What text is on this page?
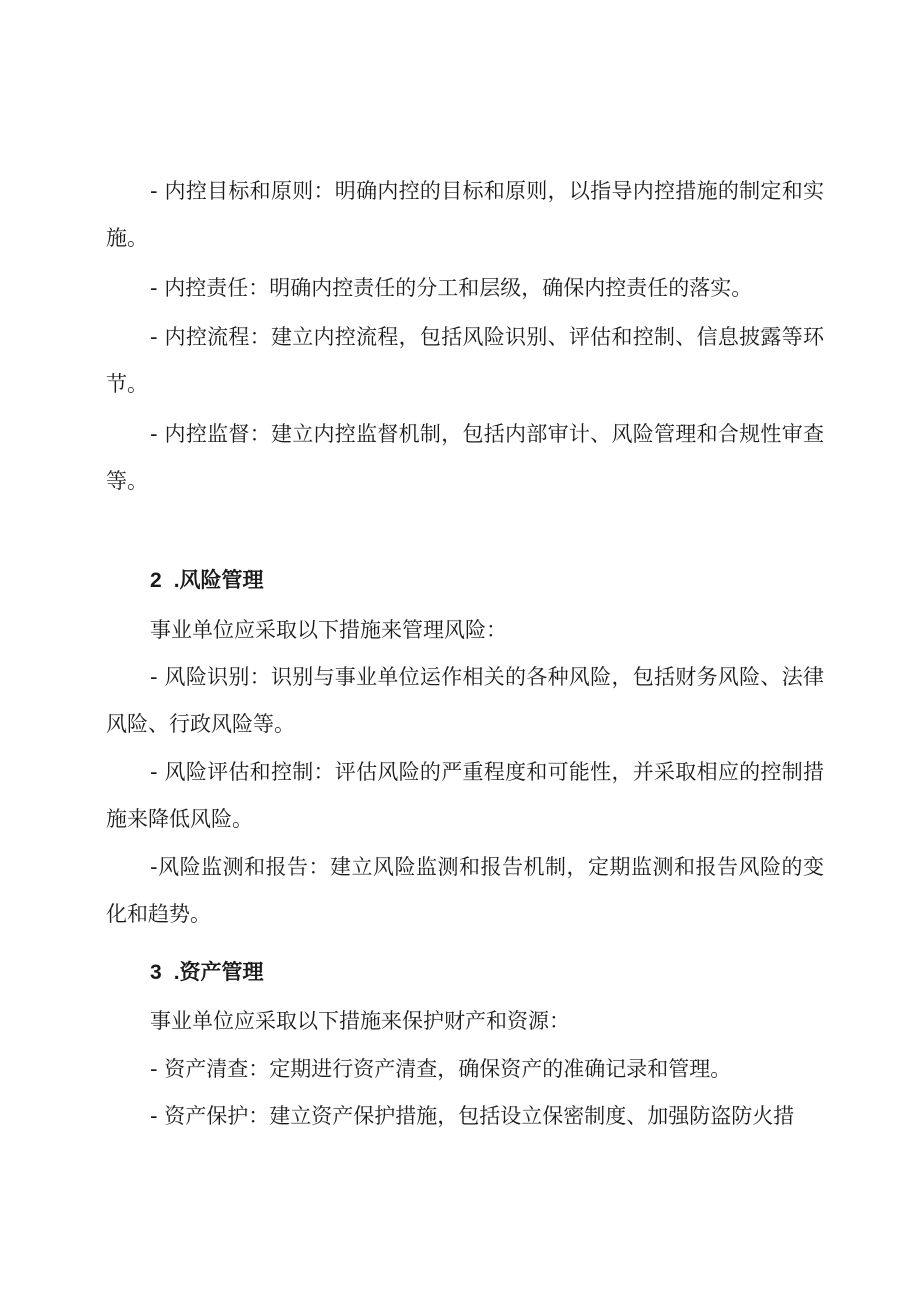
- 内控目标和原则：明确内控的目标和原则，以指导内控措施的制定和实施。

- 内控责任：明确内控责任的分工和层级，确保内控责任的落实。

- 内控流程：建立内控流程，包括风险识别、评估和控制、信息披露等环节。

- 内控监督：建立内控监督机制，包括内部审计、风险管理和合规性审查等。

2 .风险管理

事业单位应采取以下措施来管理风险：

- 风险识别：识别与事业单位运作相关的各种风险，包括财务风险、法律风险、行政风险等。

- 风险评估和控制：评估风险的严重程度和可能性，并采取相应的控制措施来降低风险。

-风险监测和报告：建立风险监测和报告机制，定期监测和报告风险的变化和趋势。

3 .资产管理

事业单位应采取以下措施来保护财产和资源：

- 资产清查：定期进行资产清查，确保资产的准确记录和管理。

- 资产保护：建立资产保护措施，包括设立保密制度、加强防盗防火措
